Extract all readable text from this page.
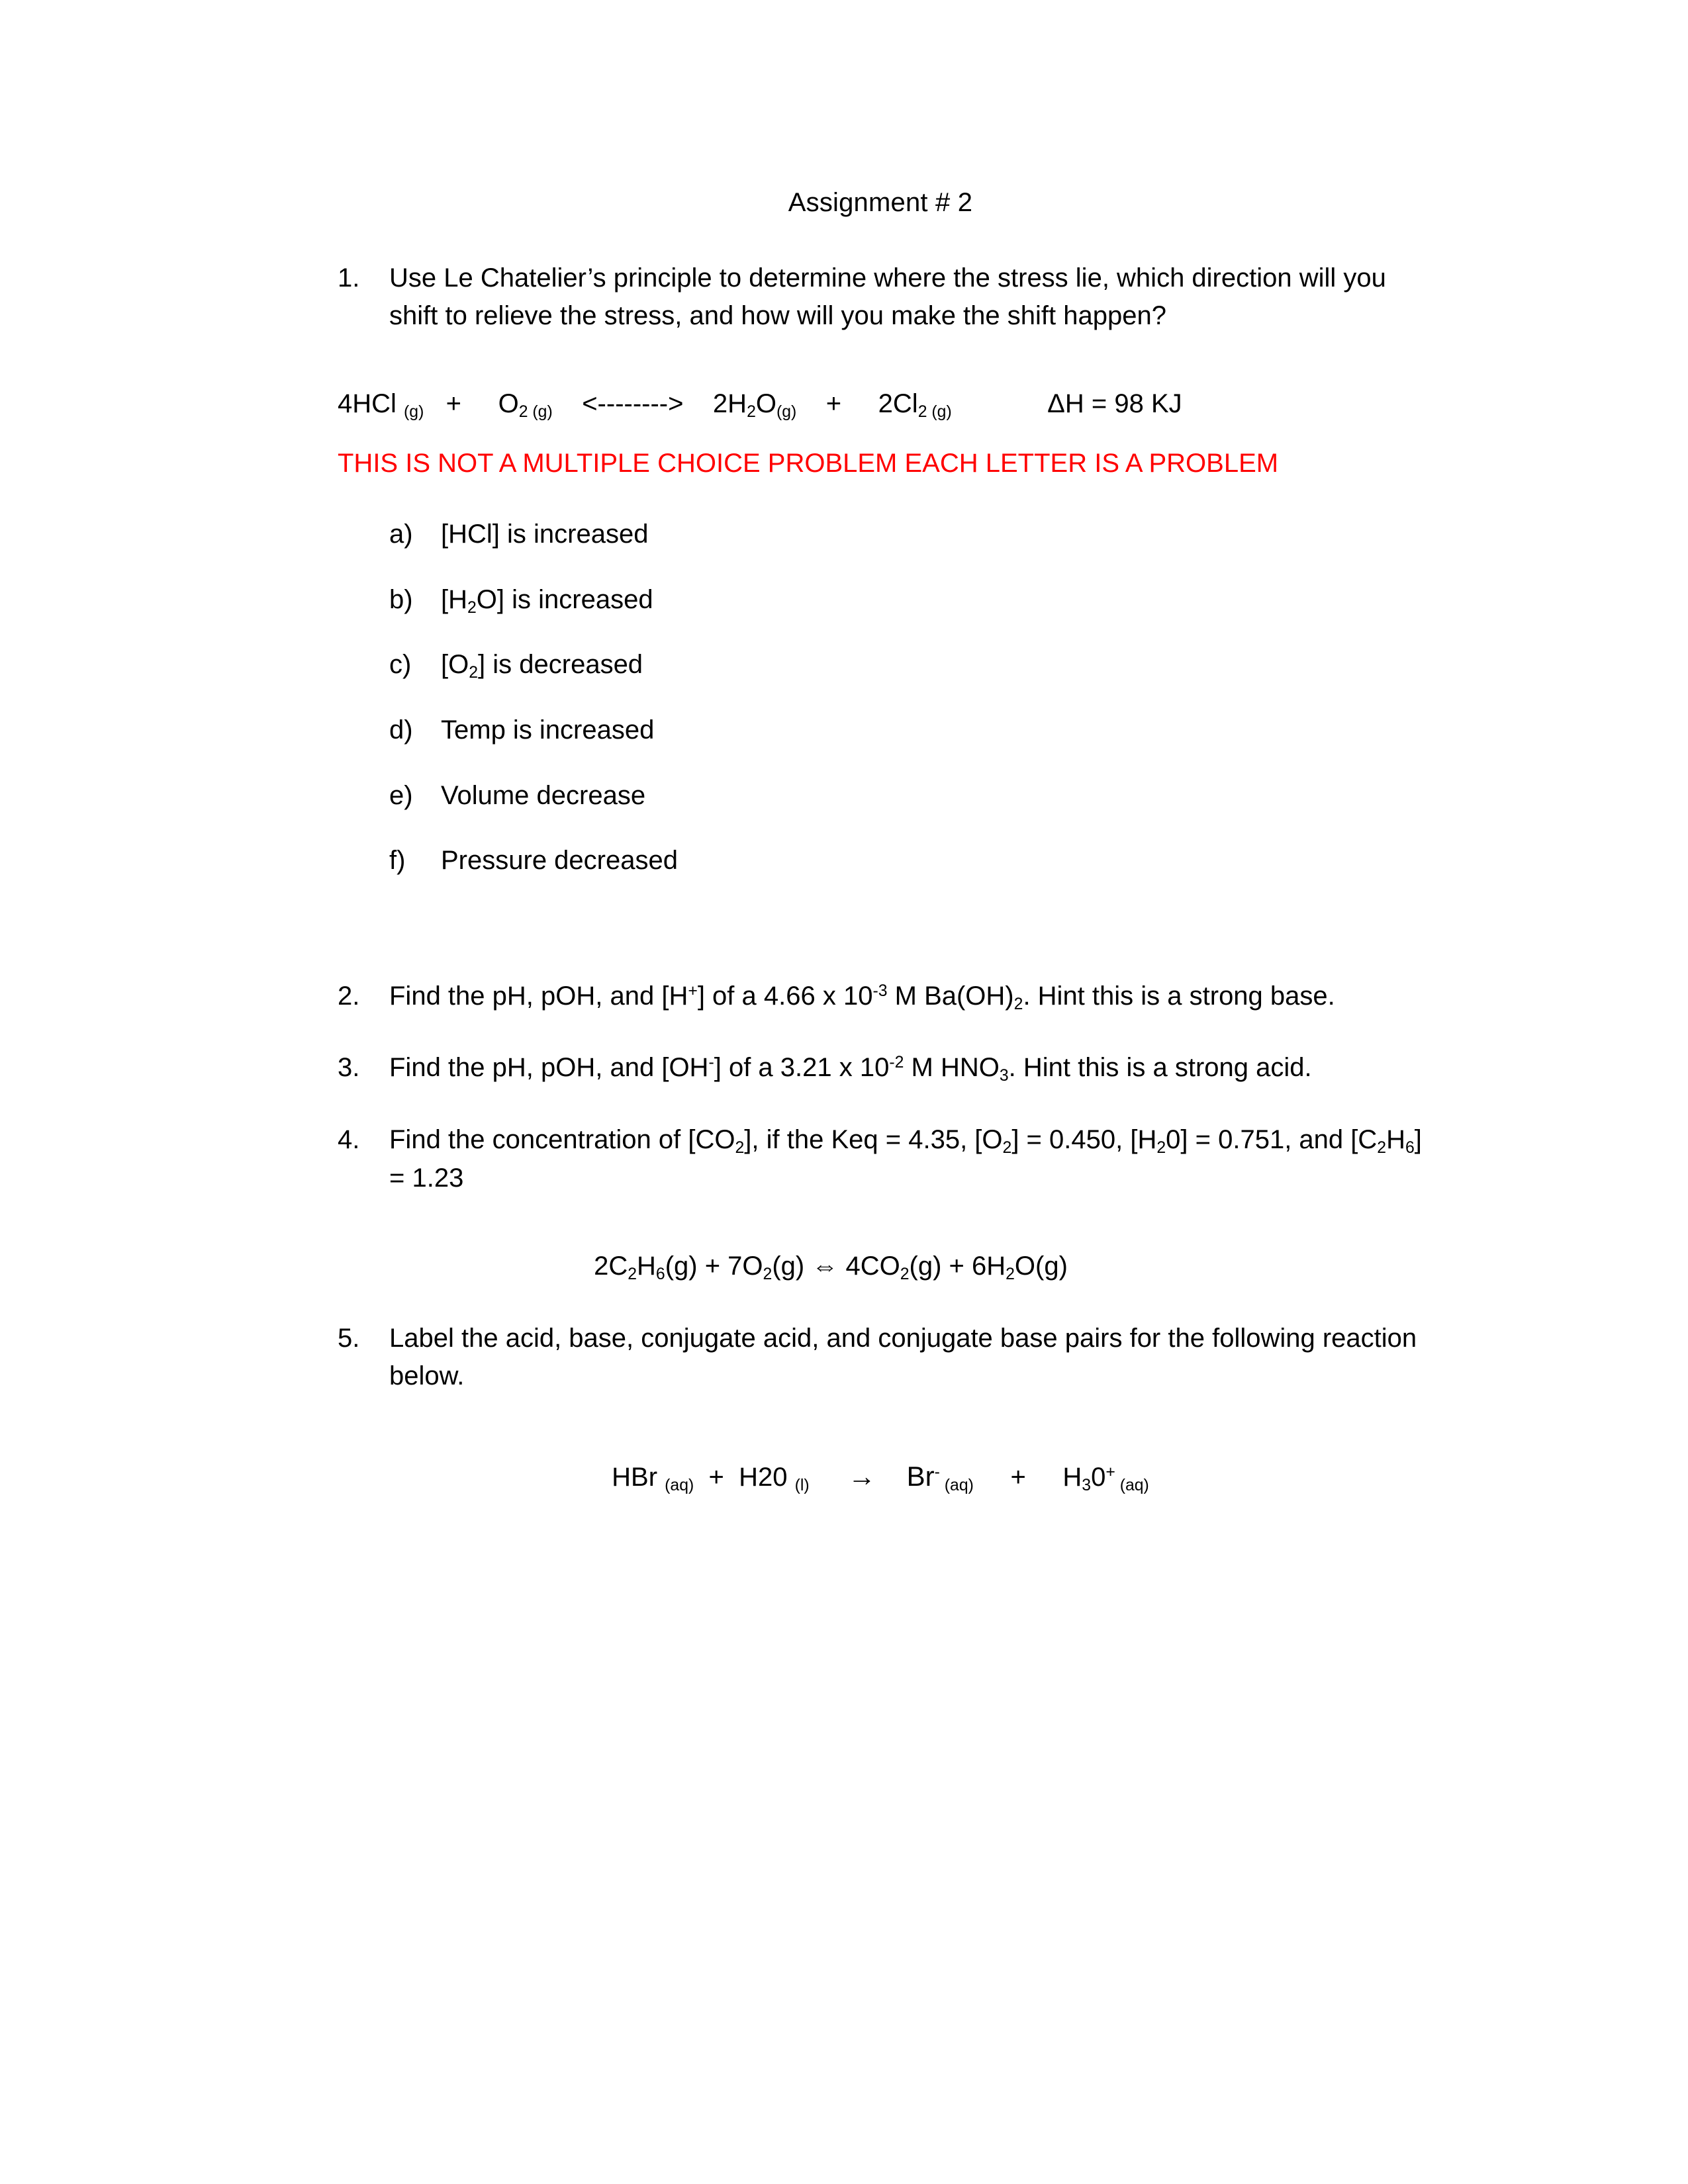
Assignment # 2
1.	Use Le Chatelier’s principle to determine where the stress lie, which direction will you shift to relieve the stress, and how will you make the shift happen?
4HCl $_{(g)}$   +     $O_2$ $_{(g)}$    <-------->    $2H_2O_{(g)}$    +     $2Cl_2$ $_{(g)}$             ΔH = 98 KJ
THIS IS NOT A MULTIPLE CHOICE PROBLEM EACH LETTER IS A PROBLEM
a)	[HCl] is increased
b)	$[H_2O]$ is increased
c)	$[O_2]$ is decreased
d)	Temp is increased
e)	Volume decrease
f)	Pressure decreased
2.	Find the pH, pOH, and [H+] of a 4.66 x $10^{-3}$ M $Ba(OH)_2$. Hint this is a strong base.
3.	Find the pH, pOH, and [OH-] of a 3.21 x $10^{-2}$ M $HNO_3$. Hint this is a strong acid.
4.	Find the concentration of $[CO_2]$, if the Keq = 4.35, $[O_2] = 0.450$, $[H_20] = 0.751$, and $[C_2H_6] = 1.23$
$2C_2H_6(g) + 7O_2(g)$ ⇔ $4CO_2(g) + 6H_2O(g)$
5.	Label the acid, base, conjugate acid, and conjugate base pairs for the following reaction below.
HBr $_{(aq)}$  +  H20 $_{(l)}$     →    Br- $_{(aq)}$     +     $H_30^+$ $_{(aq)}$
